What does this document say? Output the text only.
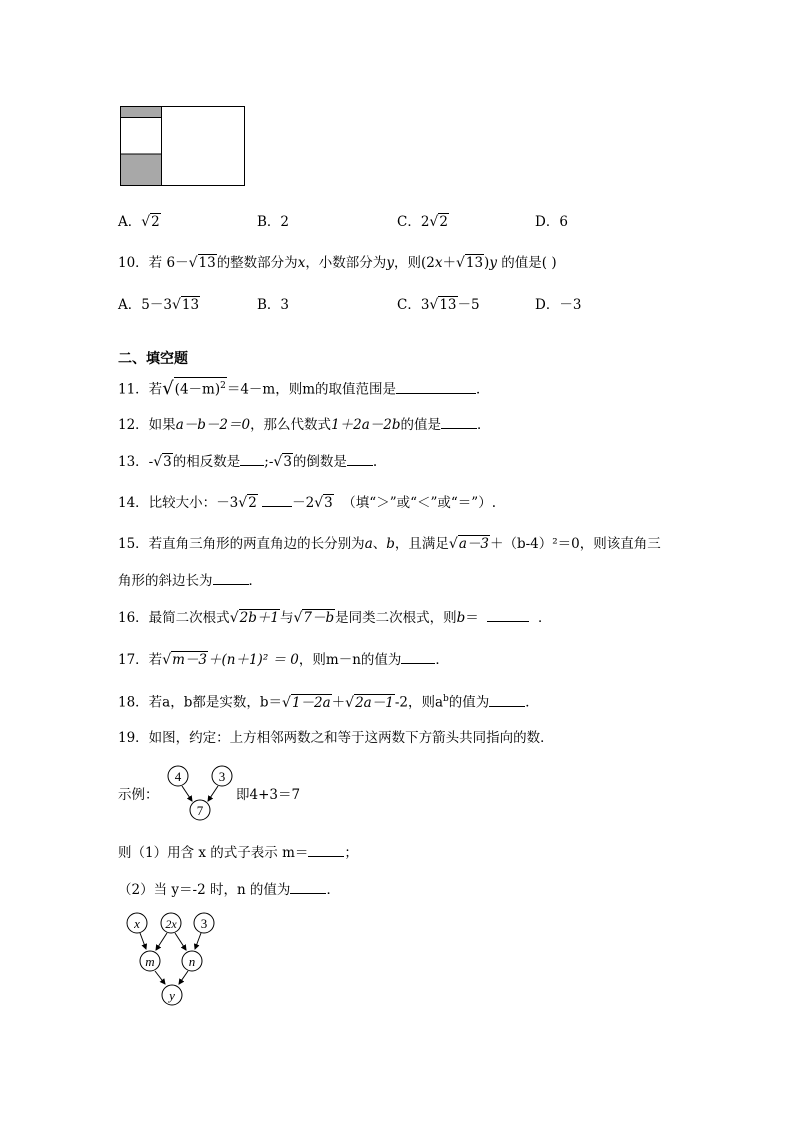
A．√2	B．2	C．2√2	D．6
10．若 6－√13的整数部分为x，小数部分为y，则(2x＋√13)y 的值是( )
A．5－3√13	B．3	C．3√13－5	D．－3
二、填空题
11．若$√(4-m)^2=4-m$，则m的取值范围是	．
12．如果a－b－2＝0，那么代数式1＋2a－2b的值是	．
13．-√3的相反数是 ;-√3的倒数是 .
14．比较大小：－3√2	－2√3 （填“＞”或“＜”或“＝”）.
15．若直角三角形的两直角边的长分别为a、b，且满足√a－3＋（b-4）²＝0，则该直角三
角形的斜边长为	．
16．最简二次根式√2b＋1与√7－b是同类二次根式，则b＝	．
17．若√m－3＋(n＋1)² ＝ 0，则m－n的值为	．
18．若a，b都是实数，b＝√1－2a＋√2a－1-2，则$a^b$的值为	．
19．如图，约定：上方相邻两数之和等于这两数下方箭头共同指向的数．
示例：
4	3
7
即4+3＝7
则（1）用含 x 的式子表示 m＝	；
（2）当 y＝-2 时，n 的值为	．
x 2x 3
m	n
y
